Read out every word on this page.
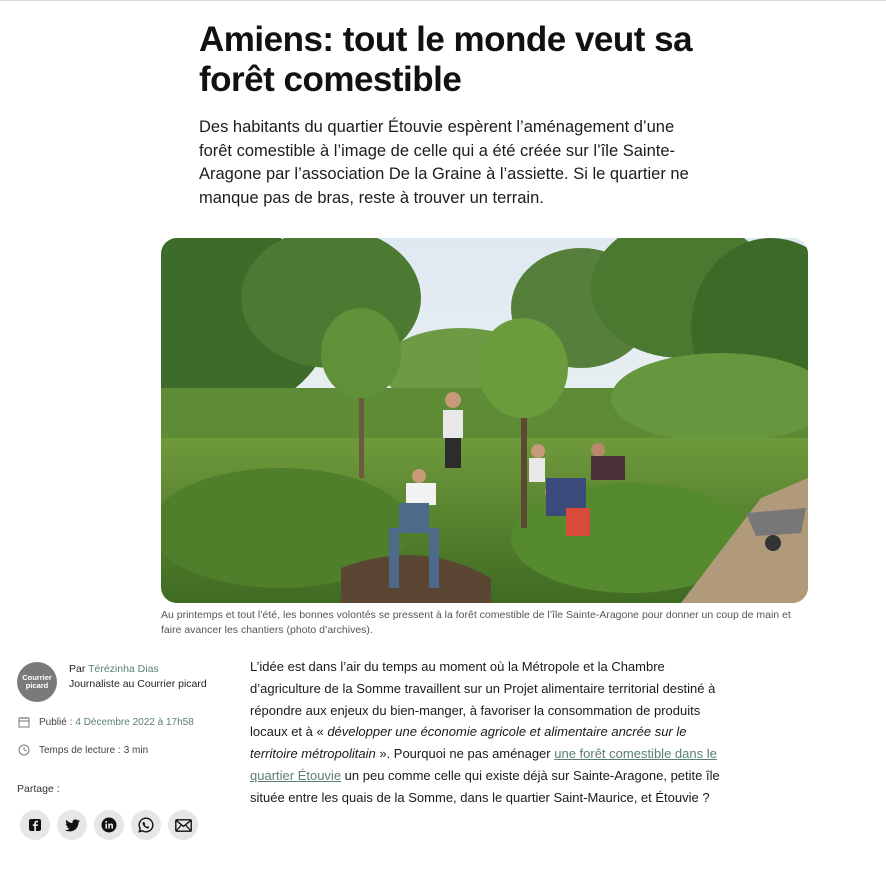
Amiens: tout le monde veut sa forêt comestible

Des habitants du quartier Étouvie espèrent l’aménagement d’une forêt comestible à l’image de celle qui a été créée sur l’île Sainte-Aragone par l’association De la Graine à l’assiette. Si le quartier ne manque pas de bras, reste à trouver un terrain.

Au printemps et tout l’été, les bonnes volontés se pressent à la forêt comestible de l’île Sainte-Aragone pour donner un coup de main et faire avancer les chantiers (photo d’archives).

Courrier
picard
Par Térézinha Dias
Journaliste au Courrier picard
Publié : 4 Décembre 2022 à 17h58
Temps de lecture : 3 min
Partage :

L’idée est dans l’air du temps au moment où la Métropole et la Chambre d’agriculture de la Somme travaillent sur un Projet alimentaire territorial destiné à répondre aux enjeux du bien-manger, à favoriser la consommation de produits locaux et à « développer une économie agricole et alimentaire ancrée sur le territoire métropolitain ». Pourquoi ne pas aménager une forêt comestible dans le quartier Étouvie un peu comme celle qui existe déjà sur Sainte-Aragone, petite île située entre les quais de la Somme, dans le quartier Saint-Maurice, et Étouvie ?
